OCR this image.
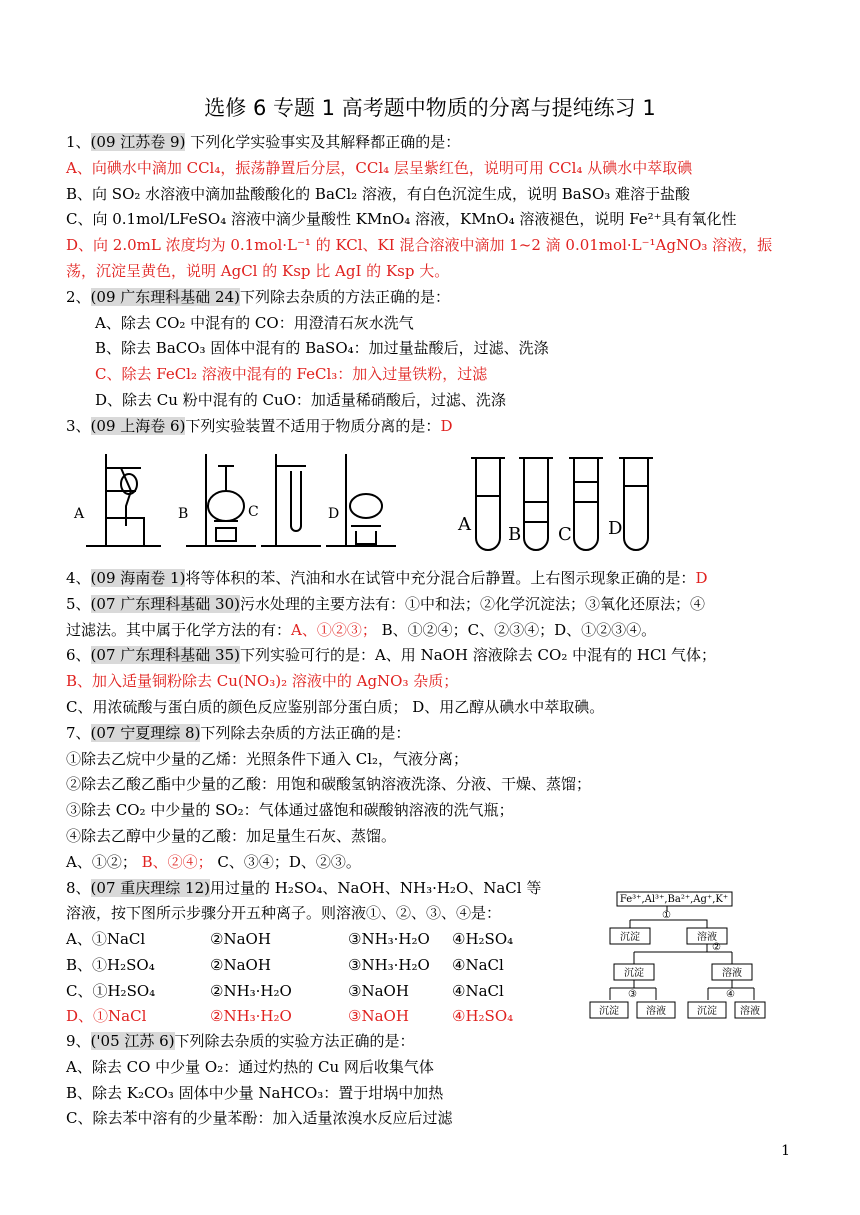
选修 6 专题 1 高考题中物质的分离与提纯练习 1
1、(09 江苏卷 9) 下列化学实验事实及其解释都正确的是：
A、向碘水中滴加 CCl₄，振荡静置后分层，CCl₄ 层呈紫红色，说明可用 CCl₄ 从碘水中萃取碘
B、向 SO₂ 水溶液中滴加盐酸酸化的 BaCl₂ 溶液，有白色沉淀生成，说明 BaSO₃ 难溶于盐酸
C、向 0.1mol/LFeSO₄ 溶液中滴少量酸性 KMnO₄ 溶液，KMnO₄ 溶液褪色，说明 Fe²⁺具有氧化性
D、向 2.0mL 浓度均为 0.1mol·L⁻¹ 的 KCl、KI 混合溶液中滴加 1~2 滴 0.01mol·L⁻¹AgNO₃ 溶液，振
荡，沉淀呈黄色，说明 AgCl 的 Ksp 比 AgI 的 Ksp 大。
2、(09 广东理科基础 24)下列除去杂质的方法正确的是：
A、除去 CO₂ 中混有的 CO：用澄清石灰水洗气
B、除去 BaCO₃ 固体中混有的 BaSO₄：加过量盐酸后，过滤、洗涤
C、除去 FeCl₂ 溶液中混有的 FeCl₃：加入过量铁粉，过滤
D、除去 Cu 粉中混有的 CuO：加适量稀硝酸后，过滤、洗涤
3、(09 上海卷 6)下列实验装置不适用于物质分离的是：D
A	B	C	D	A B C D
4、(09 海南卷 1)将等体积的苯、汽油和水在试管中充分混合后静置。上右图示现象正确的是：D
5、(07 广东理科基础 30)污水处理的主要方法有：①中和法；②化学沉淀法；③氧化还原法；④
过滤法。其中属于化学方法的有：A、①②③； B、①②④；C、②③④；D、①②③④。
6、(07 广东理科基础 35)下列实验可行的是：A、用 NaOH 溶液除去 CO₂ 中混有的 HCl 气体；
B、加入适量铜粉除去 Cu(NO₃)₂ 溶液中的 AgNO₃ 杂质；
C、用浓硫酸与蛋白质的颜色反应鉴别部分蛋白质； D、用乙醇从碘水中萃取碘。
7、(07 宁夏理综 8)下列除去杂质的方法正确的是：
①除去乙烷中少量的乙烯：光照条件下通入 Cl₂，气液分离；
②除去乙酸乙酯中少量的乙酸：用饱和碳酸氢钠溶液洗涤、分液、干燥、蒸馏；
③除去 CO₂ 中少量的 SO₂：气体通过盛饱和碳酸钠溶液的洗气瓶；
④除去乙醇中少量的乙酸：加足量生石灰、蒸馏。
A、①②； B、②④； C、③④；D、②③。
8、(07 重庆理综 12)用过量的 H₂SO₄、NaOH、NH₃·H₂O、NaCl 等
溶液，按下图所示步骤分开五种离子。则溶液①、②、③、④是：
A、①NaCl	②NaOH	③NH₃·H₂O ④H₂SO₄
B、①H₂SO₄	②NaOH	③NH₃·H₂O ④NaCl
C、①H₂SO₄	②NH₃·H₂O	③NaOH	④NaCl
D、①NaCl	②NH₃·H₂O	③NaOH	④H₂SO₄
9、('05 江苏 6)下列除去杂质的实验方法正确的是：
A、除去 CO 中少量 O₂：通过灼热的 Cu 网后收集气体
B、除去 K₂CO₃ 固体中少量 NaHCO₃：置于坩埚中加热
C、除去苯中溶有的少量苯酚：加入适量浓溴水反应后过滤
Fe³⁺,Al³⁺,Ba²⁺,Ag⁺,K⁺
①
沉淀	溶液
②
沉淀	溶液
③	④
沉淀	溶液	沉淀 溶液
1
